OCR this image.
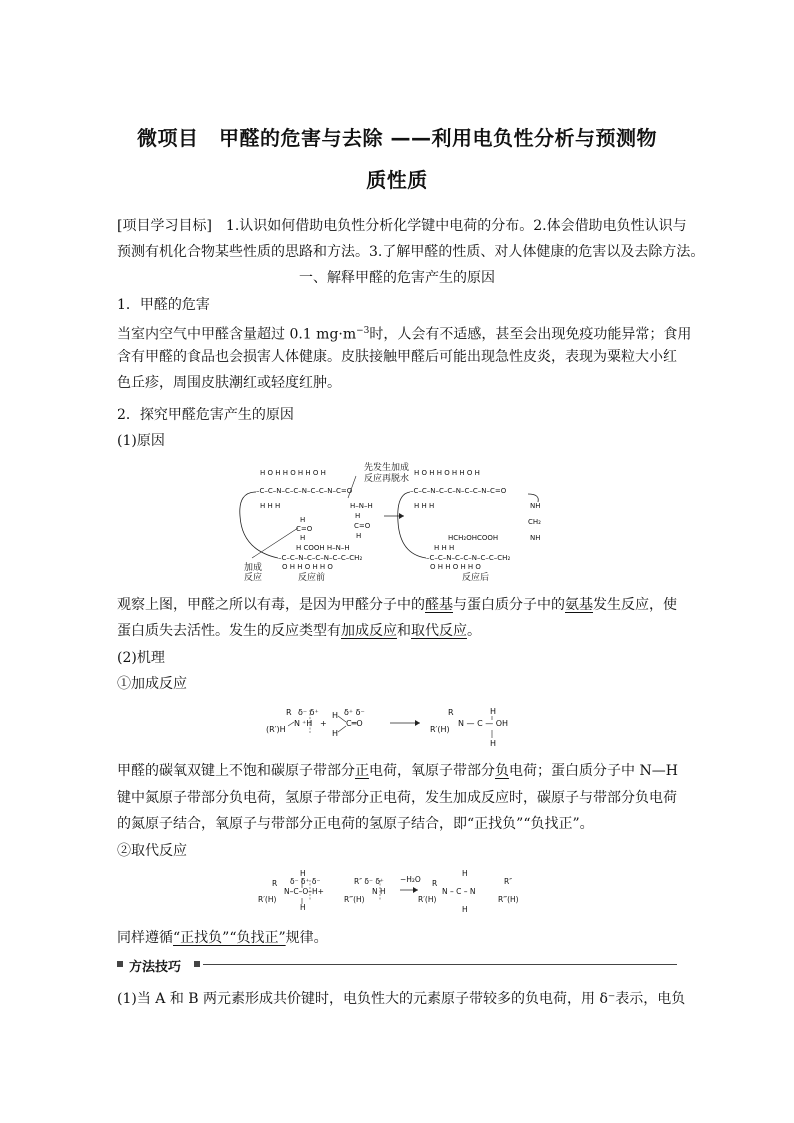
微项目　甲醛的危害与去除 ——利用电负性分析与预测物
质性质
[项目学习目标]　1.认识如何借助电负性分析化学键中电荷的分布。2.体会借助电负性认识与
预测有机化合物某些性质的思路和方法。3.了解甲醛的性质、对人体健康的危害以及去除方法。
一、解释甲醛的危害产生的原因
1．甲醛的危害
当室内空气中甲醛含量超过 0.1 $mg\cdot m^{-3}$时，人会有不适感，甚至会出现免疫功能异常；食用
含有甲醛的食品也会损害人体健康。皮肤接触甲醛后可能出现急性皮炎，表现为粟粒大小红
色丘疹，周围皮肤潮红或轻度红肿。
2．探究甲醛危害产生的原因
(1)原因
H O H H O H H O H
–C–C–N–C–C–N–C–C–N–C=O
H H H
H
C=O
H
H COOH H–N–H
–C–C–N–C–C–N–C–C–CH₂
O H H O H H O
H–N–H
H
C=O
H
H O H H O H H O H
–C–C–N–C–C–N–C–C–N–C=O
H H H	NH
CH₂
NH
HCH₂OHCOOH
H H H
–C–C–N–C–C–N–C–C–CH₂
O H H O H H O
先发生加成
反应再脱水
加成
反应	反应前	反应后
观察上图，甲醛之所以有毒，是因为甲醛分子中的醛基与蛋白质分子中的氨基发生反应，使
蛋白质失去活性。发生的反应类型有加成反应和取代反应。
(2)机理
①加成反应
R δ⁻ δ⁺
(R′)H
N ⁺H +
H
H
δ⁺ δ⁻
C═O
R
R′(H)
N — C — OH
H
H
甲醛的碳氧双键上不饱和碳原子带部分正电荷，氧原子带部分负电荷；蛋白质分子中 N—H
键中氮原子带部分负电荷，氢原子带部分正电荷，发生加成反应时，碳原子与带部分负电荷
的氮原子结合，氧原子与带部分正电荷的氢原子结合，即“正找负”“负找正”。
②取代反应
R
R′(H)
H
δ⁻ δ⁺ δ⁻
N–C–O–H+
H
R″ δ⁻ δ⁺
R‴(H)
N H
−H₂O R
R′(H)
N – C – N
H
H
R″
R‴(H)
同样遵循“正找负”“负找正”规律。
方法技巧
(1)当 A 和 B 两元素形成共价键时，电负性大的元素原子带较多的负电荷，用 δ⁻表示，电负
